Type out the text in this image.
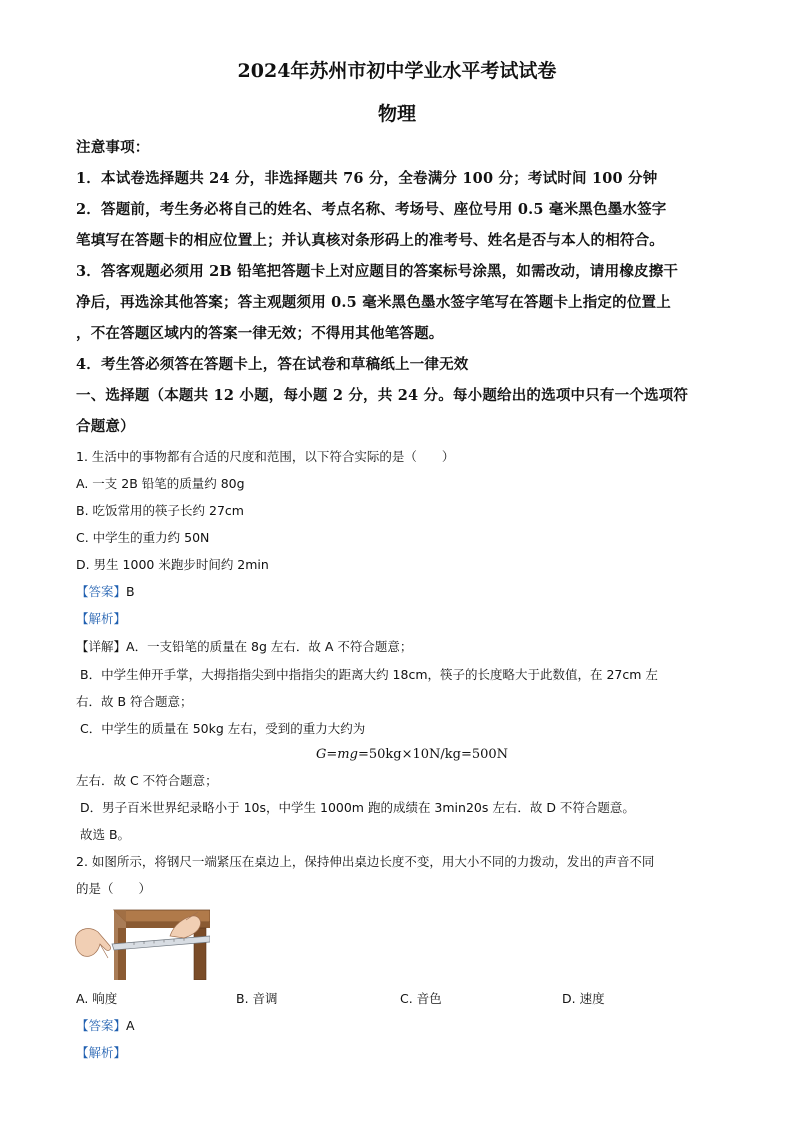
2024年苏州市初中学业水平考试试卷
物理
注意事项：
1．本试卷选择题共 24 分，非选择题共 76 分，全卷满分 100 分；考试时间 100 分钟
2．答题前，考生务必将自己的姓名、考点名称、考场号、座位号用 0.5 毫米黑色墨水签字
笔填写在答题卡的相应位置上；并认真核对条形码上的准考号、姓名是否与本人的相符合。
3．答客观题必须用 2B 铅笔把答题卡上对应题目的答案标号涂黑，如需改动，请用橡皮擦干
净后，再选涂其他答案；答主观题须用 0.5 毫米黑色墨水签字笔写在答题卡上指定的位置上
，不在答题区域内的答案一律无效；不得用其他笔答题。
4．考生答必须答在答题卡上，答在试卷和草稿纸上一律无效
一、选择题（本题共 12 小题，每小题 2 分，共 24 分。每小题给出的选项中只有一个选项符
合题意）
1. 生活中的事物都有合适的尺度和范围，以下符合实际的是（　　）
A. 一支 2B 铅笔的质量约 80g
B. 吃饭常用的筷子长约 27cm
C. 中学生的重力约 50N
D. 男生 1000 米跑步时间约 2min
【答案】B
【解析】
【详解】A．一支铅笔的质量在 8g 左右．故 A 不符合题意；
B．中学生伸开手掌，大拇指指尖到中指指尖的距离大约 18cm，筷子的长度略大于此数值，在 27cm 左
右．故 B 符合题意；
C．中学生的质量在 50kg 左右，受到的重力大约为
G=mg=50kg×10N/kg=500N
左右．故 C 不符合题意；
D．男子百米世界纪录略小于 10s，中学生 1000m 跑的成绩在 3min20s 左右．故 D 不符合题意。
故选 B。
2. 如图所示，将钢尺一端紧压在桌边上，保持伸出桌边长度不变，用大小不同的力拨动，发出的声音不同
的是（　　）
A. 响度	B. 音调	C. 音色	D. 速度
【答案】A
【解析】
